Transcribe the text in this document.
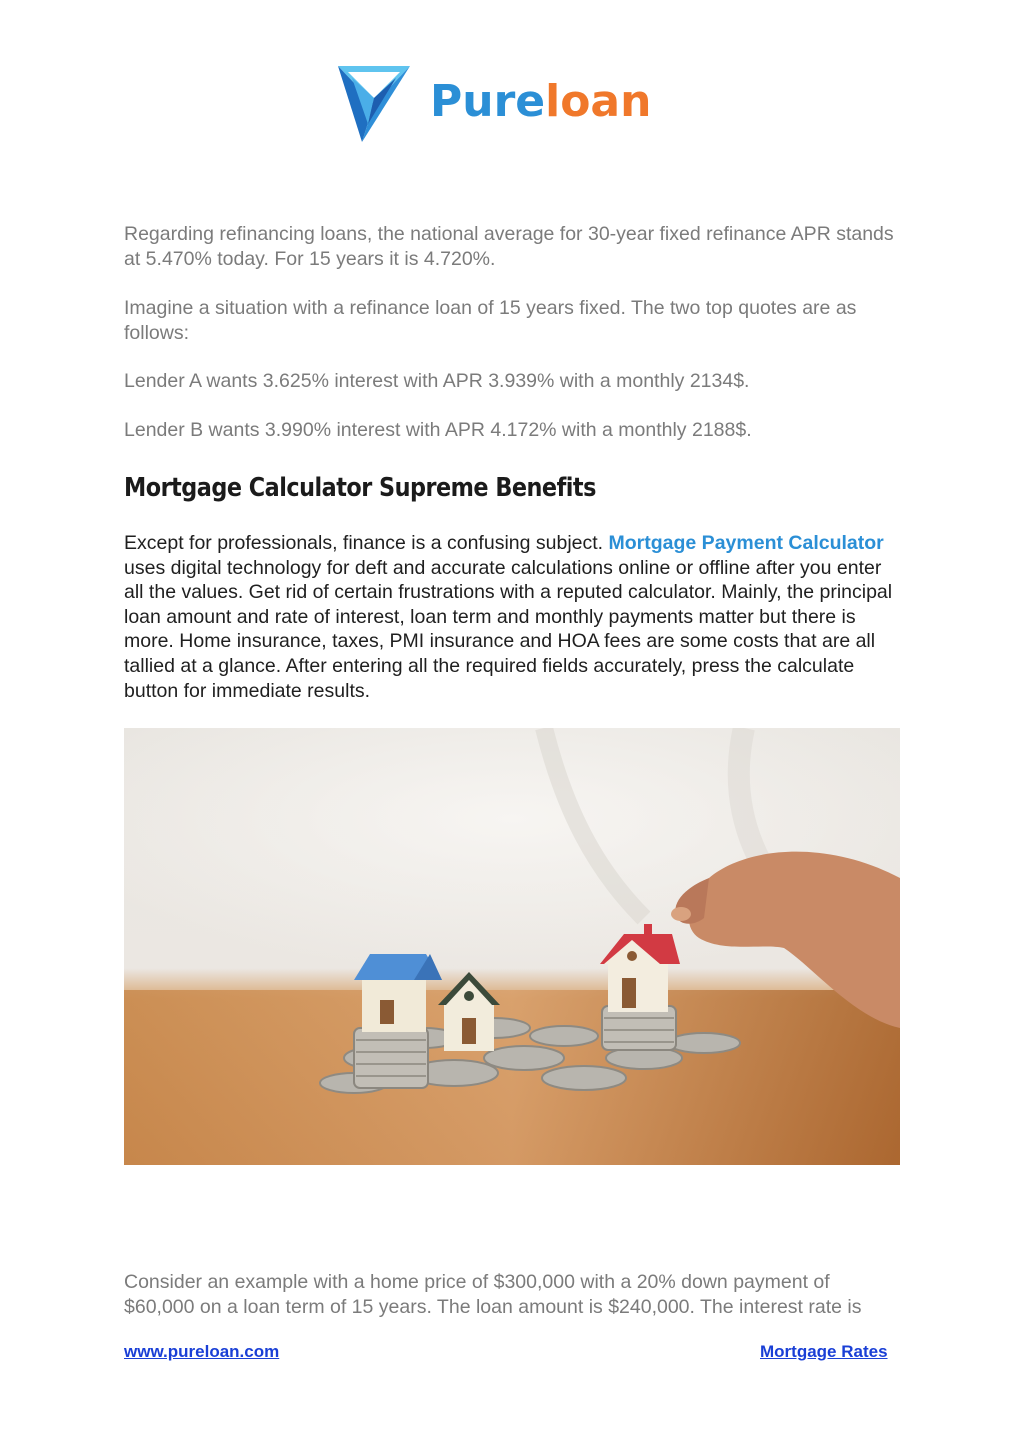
Pureloan

Regarding refinancing loans, the national average for 30-year fixed refinance APR stands at 5.470% today. For 15 years it is 4.720%.

Imagine a situation with a refinance loan of 15 years fixed. The two top quotes are as follows:

Lender A wants 3.625% interest with APR 3.939% with a monthly 2134$.

Lender B wants 3.990% interest with APR 4.172% with a monthly 2188$.

Mortgage Calculator Supreme Benefits

Except for professionals, finance is a confusing subject. Mortgage Payment Calculator uses digital technology for deft and accurate calculations online or offline after you enter all the values. Get rid of certain frustrations with a reputed calculator. Mainly, the principal loan amount and rate of interest, loan term and monthly payments matter but there is more. Home insurance, taxes, PMI insurance and HOA fees are some costs that are all tallied at a glance. After entering all the required fields accurately, press the calculate button for immediate results.

Consider an example with a home price of $300,000 with a 20% down payment of $60,000 on a loan term of 15 years. The loan amount is $240,000. The interest rate is

www.pureloan.com	Mortgage Rates
